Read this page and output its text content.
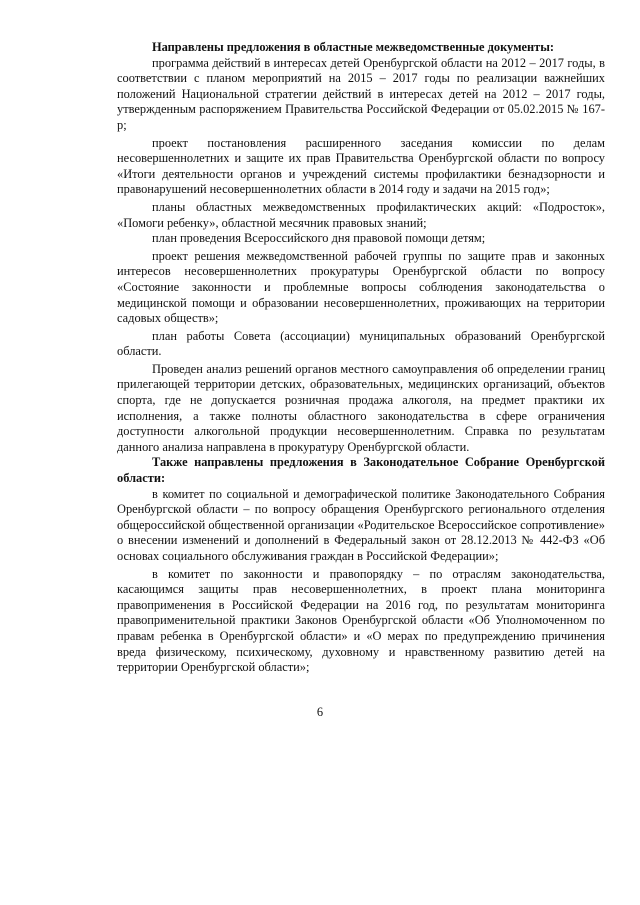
Направлены предложения в областные межведомственные документы:

программа действий в интересах детей Оренбургской области на 2012 – 2017 годы, в соответствии с планом мероприятий на 2015 – 2017 годы по реализации важнейших положений Национальной стратегии действий в интересах детей на 2012 – 2017 годы, утвержденным распоряжением Правительства Российской Федерации от 05.02.2015 № 167-р;

проект постановления расширенного заседания комиссии по делам несовершеннолетних и защите их прав Правительства Оренбургской области по вопросу «Итоги деятельности органов и учреждений системы профилактики безнадзорности и правонарушений несовершеннолетних области в 2014 году и задачи на 2015 год»;

планы областных межведомственных профилактических акций: «Подросток», «Помоги ребенку», областной месячник правовых знаний;

план проведения Всероссийского дня правовой помощи детям;

проект решения межведомственной рабочей группы по защите прав и законных интересов несовершеннолетних прокуратуры Оренбургской области по вопросу «Состояние законности и проблемные вопросы соблюдения законодательства о медицинской помощи и образовании несовершеннолетних, проживающих на территории садовых обществ»;

план работы Совета (ассоциации) муниципальных образований Оренбургской области.

Проведен анализ решений органов местного самоуправления об определении границ прилегающей территории детских, образовательных, медицинских организаций, объектов спорта, где не допускается розничная продажа алкоголя, на предмет практики их исполнения, а также полноты областного законодательства в сфере ограничения доступности алкогольной продукции несовершеннолетним. Справка по результатам данного анализа направлена в прокуратуру Оренбургской области.

Также направлены предложения в Законодательное Собрание Оренбургской области:

в комитет по социальной и демографической политике Законодательного Собрания Оренбургской области – по вопросу обращения Оренбургского регионального отделения общероссийской общественной организации «Родительское Всероссийское сопротивление» о внесении изменений и дополнений в Федеральный закон от 28.12.2013 № 442-ФЗ «Об основах социального обслуживания граждан в Российской Федерации»;

в комитет по законности и правопорядку – по отраслям законодательства, касающимся защиты прав несовершеннолетних, в проект плана мониторинга правоприменения в Российской Федерации на 2016 год, по результатам мониторинга правоприменительной практики Законов Оренбургской области «Об Уполномоченном по правам ребенка в Оренбургской области» и «О мерах по предупреждению причинения вреда физическому, психическому, духовному и нравственному развитию детей на территории Оренбургской области»;

6
